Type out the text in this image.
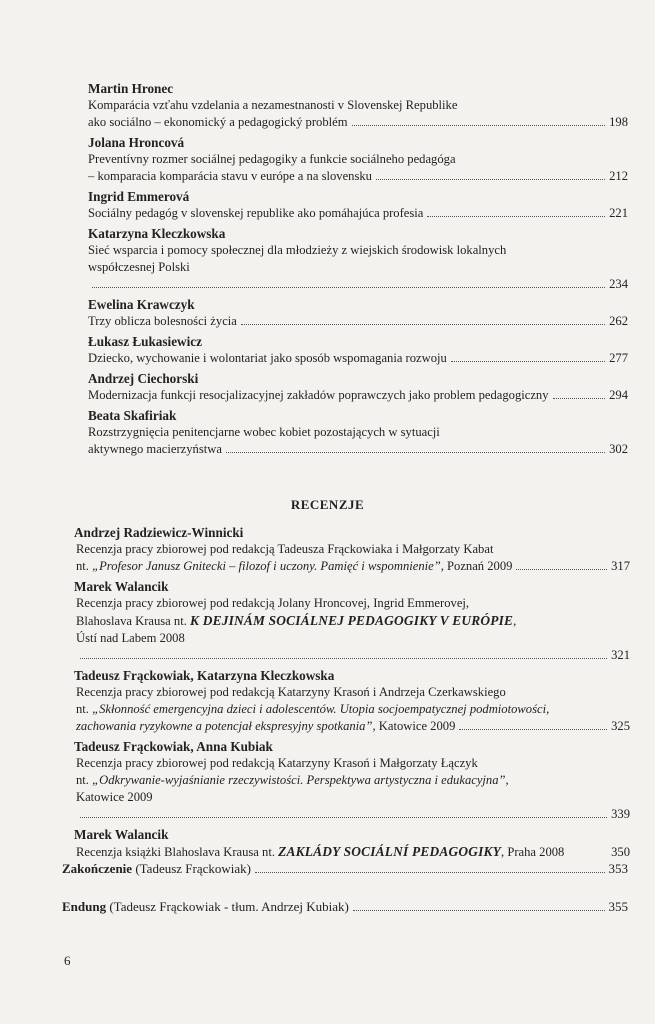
Martin Hronec
Komparácia vzťahu vzdelania a nezamestnanosti v Slovenskej Republike
ako sociálno – ekonomický a pedagogický problém	198
Jolana Hroncová
Preventívny rozmer sociálnej pedagogiky a funkcie sociálneho pedagóga
– komparacia komparácia stavu v európe a na slovensku	212
Ingrid Emmerová
Sociálny pedagóg v slovenskej republike ako pomáhajúca profesia	221
Katarzyna Kleczkowska
Sieć wsparcia i pomocy społecznej dla młodzieży z wiejskich środowisk lokalnych
współczesnej Polski
234
Ewelina Krawczyk
Trzy oblicza bolesności życia	262
Łukasz Łukasiewicz
Dziecko, wychowanie i wolontariat jako sposób wspomagania rozwoju	277
Andrzej Ciechorski
Modernizacja funkcji resocjalizacyjnej zakładów poprawczych jako problem pedagogiczny	294
Beata Skafiriak
Rozstrzygnięcia penitencjarne wobec kobiet pozostających w sytuacji
aktywnego macierzyństwa	302
RECENZJE
Andrzej Radziewicz-Winnicki
Recenzja pracy zbiorowej pod redakcją Tadeusza Frąckowiaka i Małgorzaty Kabat
nt. „Profesor Janusz Gnitecki – filozof i uczony. Pamięć i wspomnienie”, Poznań 2009	317
Marek Walancik
Recenzja pracy zbiorowej pod redakcją Jolany Hroncovej, Ingrid Emmerovej,
Blahoslava Krausa nt. K DEJINÁM SOCIÁLNEJ PEDAGOGIKY V EURÓPIE,
Ústí nad Labem 2008
321
Tadeusz Frąckowiak, Katarzyna Kleczkowska
Recenzja pracy zbiorowej pod redakcją Katarzyny Krasoń i Andrzeja Czerkawskiego
nt. „Skłonność emergencyjna dzieci i adolescentów. Utopia socjoempatycznej podmiotowości,
zachowania ryzykowne a potencjał ekspresyjny spotkania”, Katowice 2009	325
Tadeusz Frąckowiak, Anna Kubiak
Recenzja pracy zbiorowej pod redakcją Katarzyny Krasoń i Małgorzaty Łączyk
nt. „Odkrywanie-wyjaśnianie rzeczywistości. Perspektywa artystyczna i edukacyjna”,
Katowice 2009
339
Marek Walancik
Recenzja książki Blahoslava Krausa nt. ZAKLÁDY SOCIÁLNÍ PEDAGOGIKY, Praha 2008	350
Zakończenie (Tadeusz Frąckowiak)	353
Endung (Tadeusz Frąckowiak - tłum. Andrzej Kubiak)	355
6
